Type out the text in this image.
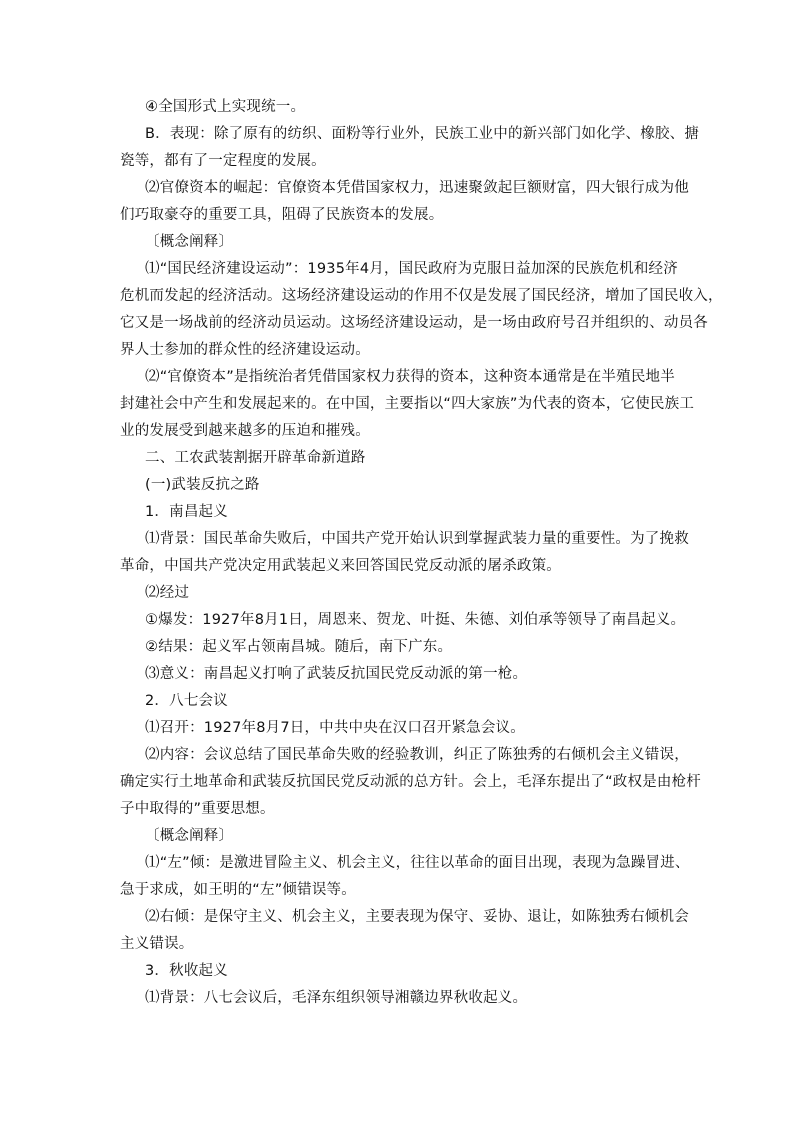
④全国形式上实现统一。
B．表现：除了原有的纺织、面粉等行业外，民族工业中的新兴部门如化学、橡胶、搪
瓷等，都有了一定程度的发展。
⑵官僚资本的崛起：官僚资本凭借国家权力，迅速聚敛起巨额财富，四大银行成为他
们巧取豪夺的重要工具，阻碍了民族资本的发展。
〔概念阐释〕
⑴“国民经济建设运动”：1935年4月，国民政府为克服日益加深的民族危机和经济
危机而发起的经济活动。这场经济建设运动的作用不仅是发展了国民经济，增加了国民收入，
它又是一场战前的经济动员运动。这场经济建设运动，是一场由政府号召并组织的、动员各
界人士参加的群众性的经济建设运动。
⑵“官僚资本”是指统治者凭借国家权力获得的资本，这种资本通常是在半殖民地半
封建社会中产生和发展起来的。在中国，主要指以“四大家族”为代表的资本，它使民族工
业的发展受到越来越多的压迫和摧残。
二、工农武装割据开辟革命新道路
(一)武装反抗之路
1．南昌起义
⑴背景：国民革命失败后，中国共产党开始认识到掌握武装力量的重要性。为了挽救
革命，中国共产党决定用武装起义来回答国民党反动派的屠杀政策。
⑵经过
①爆发：1927年8月1日，周恩来、贺龙、叶挺、朱德、刘伯承等领导了南昌起义。
②结果：起义军占领南昌城。随后，南下广东。
⑶意义：南昌起义打响了武装反抗国民党反动派的第一枪。
2．八七会议
⑴召开：1927年8月7日，中共中央在汉口召开紧急会议。
⑵内容：会议总结了国民革命失败的经验教训，纠正了陈独秀的右倾机会主义错误，
确定实行土地革命和武装反抗国民党反动派的总方针。会上，毛泽东提出了“政权是由枪杆
子中取得的”重要思想。
〔概念阐释〕
⑴“左”倾：是激进冒险主义、机会主义，往往以革命的面目出现，表现为急躁冒进、
急于求成，如王明的“左”倾错误等。
⑵右倾：是保守主义、机会主义，主要表现为保守、妥协、退让，如陈独秀右倾机会
主义错误。
3．秋收起义
⑴背景：八七会议后，毛泽东组织领导湘赣边界秋收起义。
